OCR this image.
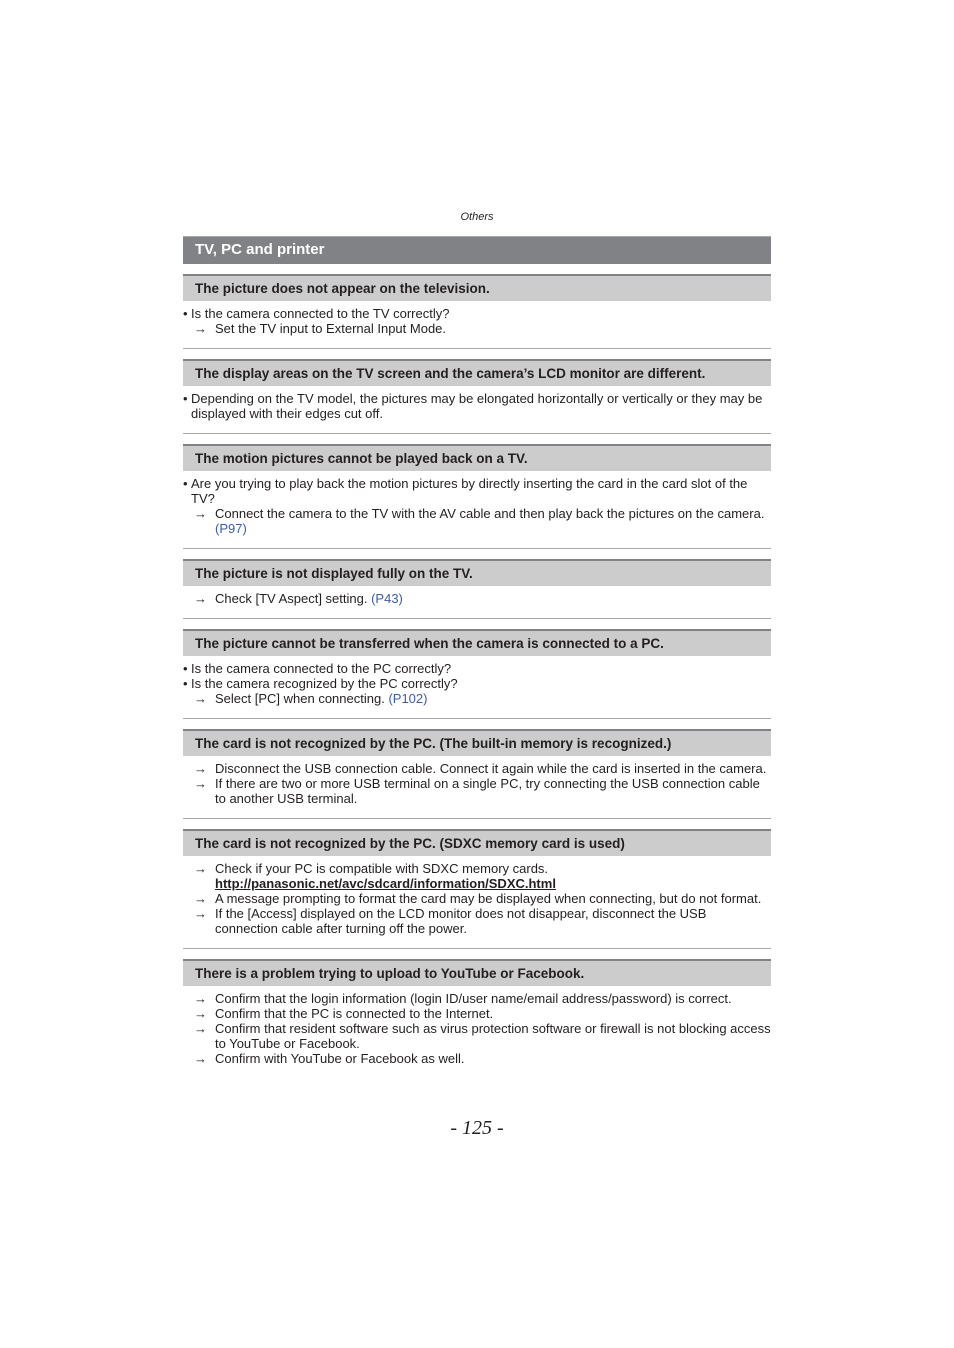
Others
TV, PC and printer
The picture does not appear on the television.
• Is the camera connected to the TV correctly?
→ Set the TV input to External Input Mode.
The display areas on the TV screen and the camera’s LCD monitor are different.
• Depending on the TV model, the pictures may be elongated horizontally or vertically or they may be displayed with their edges cut off.
The motion pictures cannot be played back on a TV.
• Are you trying to play back the motion pictures by directly inserting the card in the card slot of the TV?
→ Connect the camera to the TV with the AV cable and then play back the pictures on the camera. (P97)
The picture is not displayed fully on the TV.
→ Check [TV Aspect] setting. (P43)
The picture cannot be transferred when the camera is connected to a PC.
• Is the camera connected to the PC correctly?
• Is the camera recognized by the PC correctly?
→ Select [PC] when connecting. (P102)
The card is not recognized by the PC. (The built-in memory is recognized.)
→ Disconnect the USB connection cable. Connect it again while the card is inserted in the camera.
→ If there are two or more USB terminal on a single PC, try connecting the USB connection cable to another USB terminal.
The card is not recognized by the PC. (SDXC memory card is used)
→ Check if your PC is compatible with SDXC memory cards.
http://panasonic.net/avc/sdcard/information/SDXC.html
→ A message prompting to format the card may be displayed when connecting, but do not format.
→ If the [Access] displayed on the LCD monitor does not disappear, disconnect the USB connection cable after turning off the power.
There is a problem trying to upload to YouTube or Facebook.
→ Confirm that the login information (login ID/user name/email address/password) is correct.
→ Confirm that the PC is connected to the Internet.
→ Confirm that resident software such as virus protection software or firewall is not blocking access to YouTube or Facebook.
→ Confirm with YouTube or Facebook as well.
- 125 -
